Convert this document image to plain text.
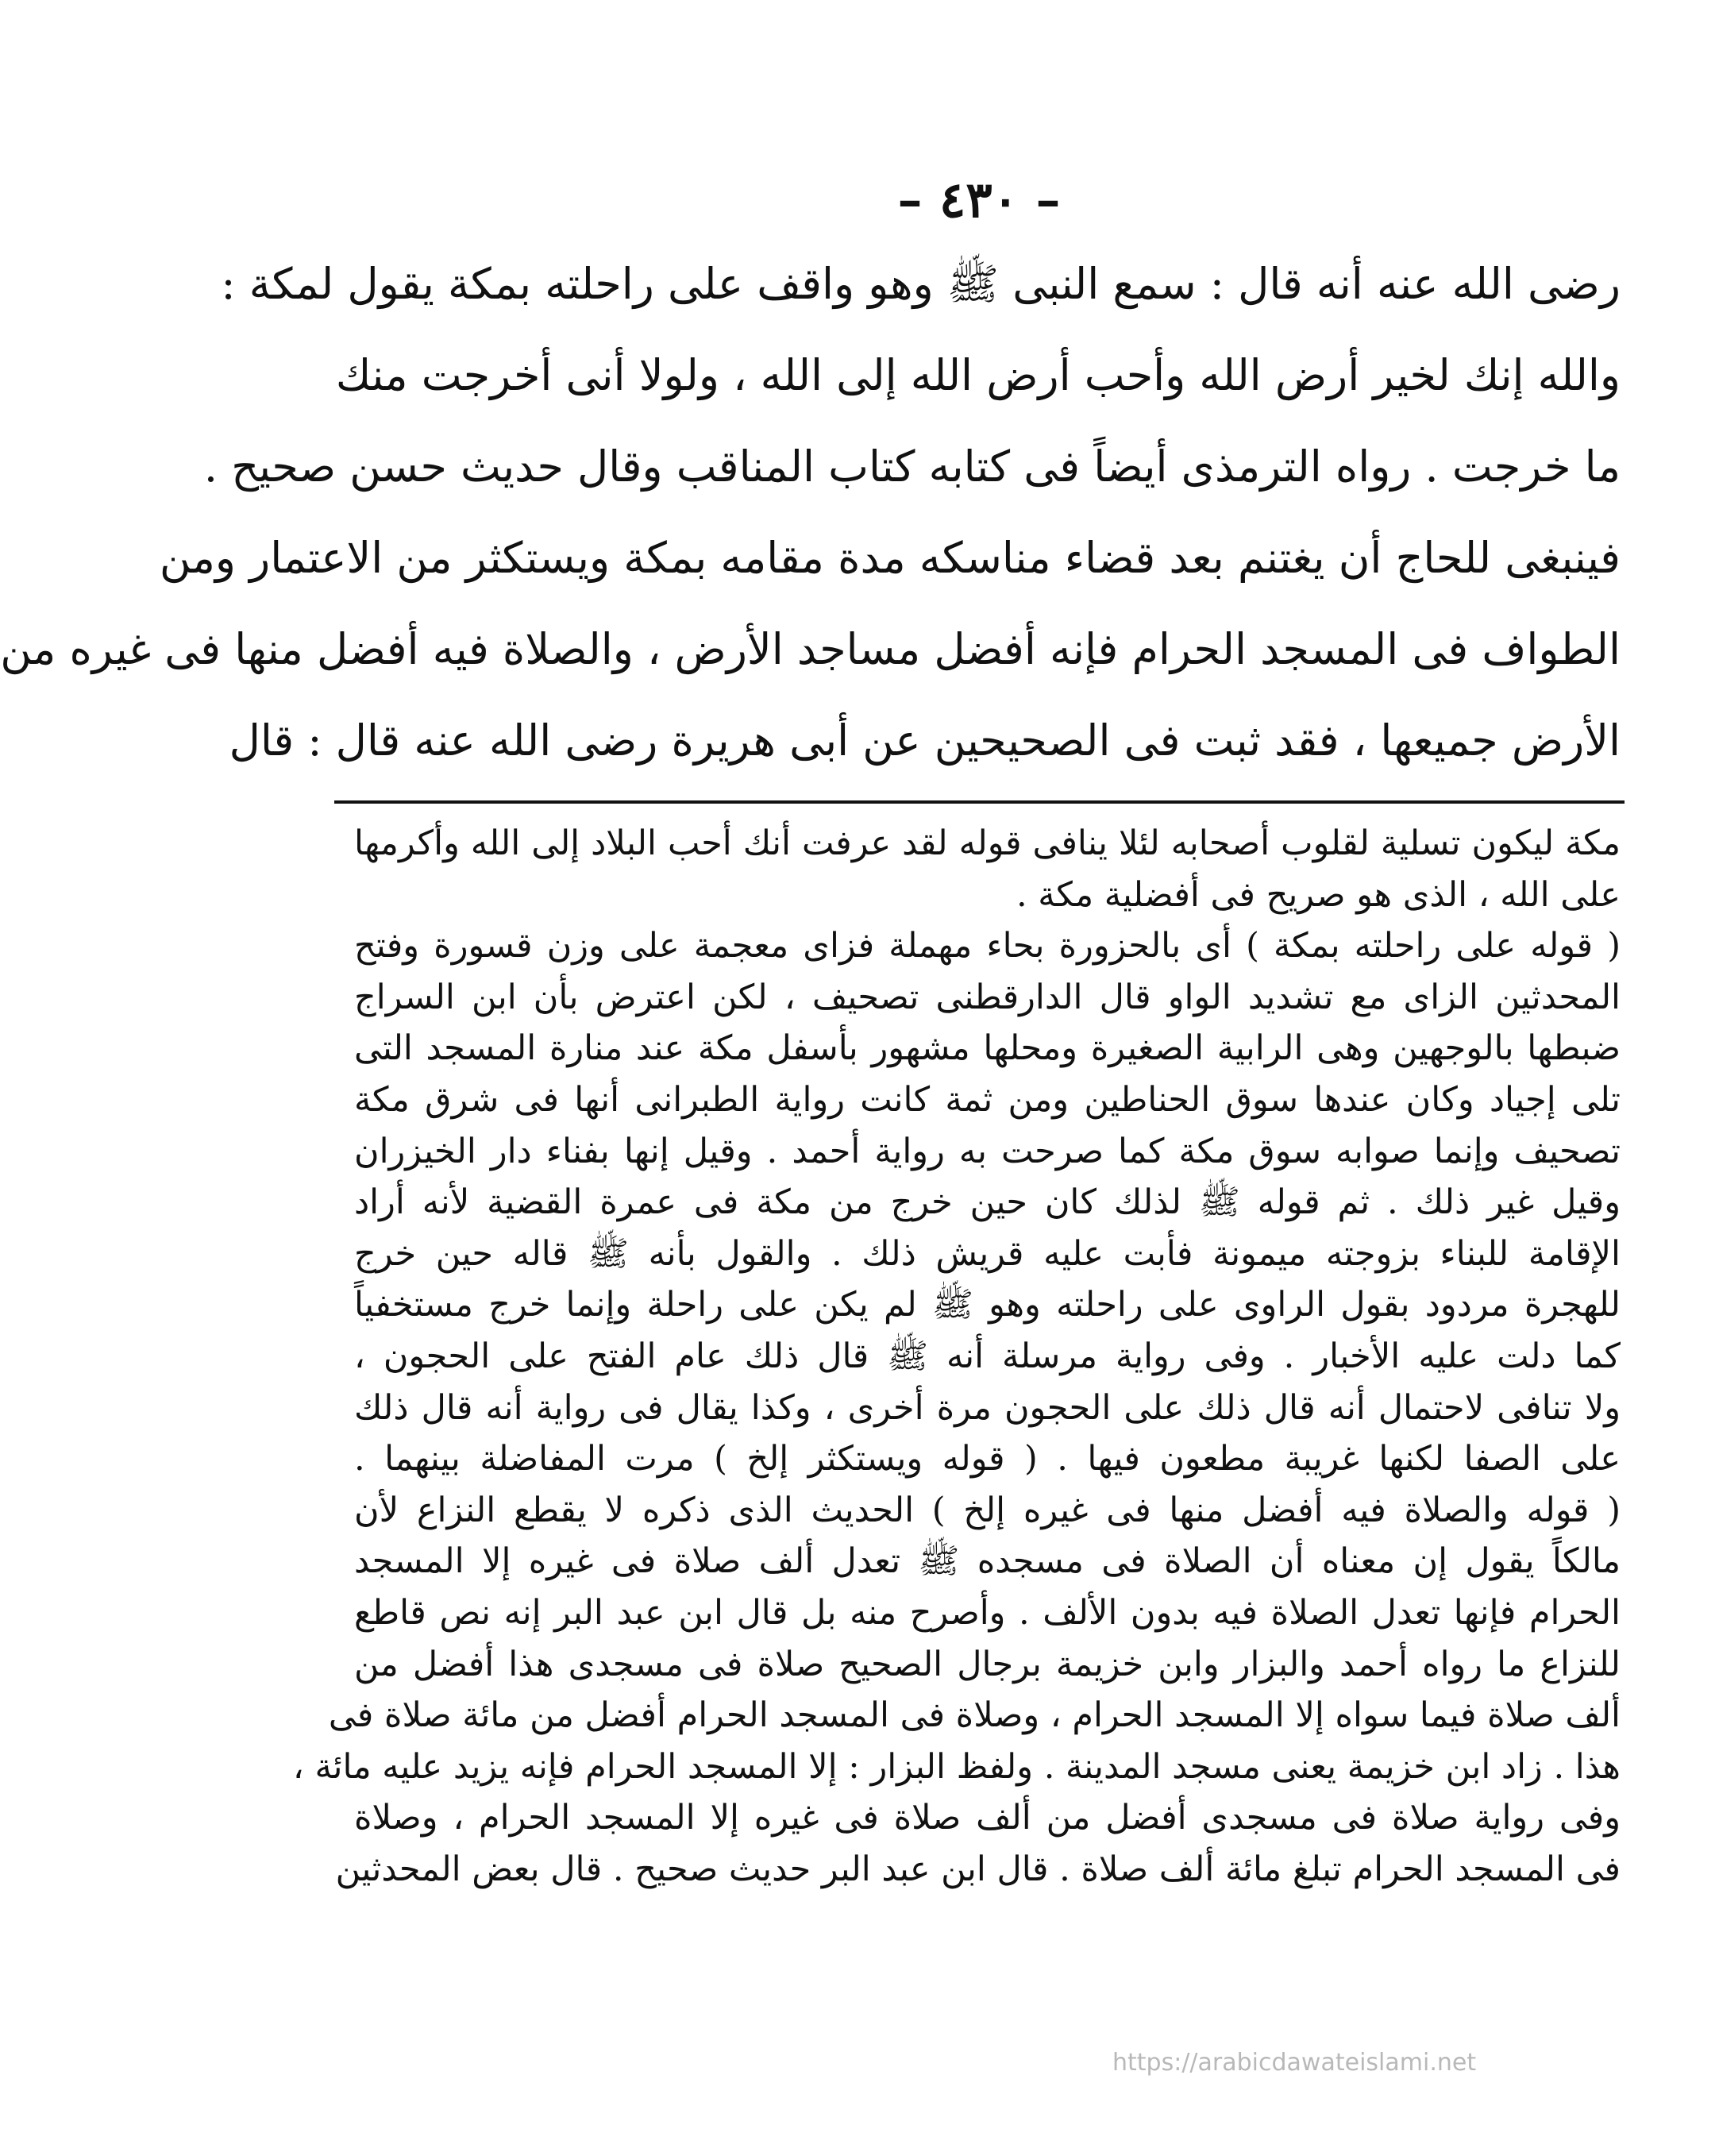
– ٤٣٠ –
رضى الله عنه أنه قال : سمع النبى ﷺ وهو واقف على راحلته بمكة يقول لمكة :
والله إنك لخير أرض الله وأحب أرض الله إلى الله ، ولولا أنى أخرجت منك
ما خرجت . رواه الترمذى أيضاً فى كتابه كتاب المناقب وقال حديث حسن صحيح .
فينبغى للحاج أن يغتنم بعد قضاء مناسكه مدة مقامه بمكة ويستكثر من الاعتمار ومن
الطواف فى المسجد الحرام فإنه أفضل مساجد الأرض ، والصلاة فيه أفضل منها فى غيره من
الأرض جميعها ، فقد ثبت فى الصحيحين عن أبى هريرة رضى الله عنه قال : قال
مكة ليكون تسلية لقلوب أصحابه لئلا ينافى قوله لقد عرفت أنك أحب البلاد إلى الله وأكرمها
على الله ، الذى هو صريح فى أفضلية مكة .
( قوله على راحلته بمكة ) أى بالحزورة بحاء مهملة فزاى معجمة على وزن قسورة وفتح
المحدثين الزاى مع تشديد الواو قال الدارقطنى تصحيف ، لكن اعترض بأن ابن السراج
ضبطها بالوجهين وهى الرابية الصغيرة ومحلها مشهور بأسفل مكة عند منارة المسجد التى
تلى إجياد وكان عندها سوق الحناطين ومن ثمة كانت رواية الطبرانى أنها فى شرق مكة
تصحيف وإنما صوابه سوق مكة كما صرحت به رواية أحمد . وقيل إنها بفناء دار الخيزران
وقيل غير ذلك . ثم قوله ﷺ لذلك كان حين خرج من مكة فى عمرة القضية لأنه أراد
الإقامة للبناء بزوجته ميمونة فأبت عليه قريش ذلك . والقول بأنه ﷺ قاله حين خرج
للهجرة مردود بقول الراوى على راحلته وهو ﷺ لم يكن على راحلة وإنما خرج مستخفياً
كما دلت عليه الأخبار . وفى رواية مرسلة أنه ﷺ قال ذلك عام الفتح على الحجون ،
ولا تنافى لاحتمال أنه قال ذلك على الحجون مرة أخرى ، وكذا يقال فى رواية أنه قال ذلك
على الصفا لكنها غريبة مطعون فيها . ( قوله ويستكثر إلخ ) مرت المفاضلة بينهما .
( قوله والصلاة فيه أفضل منها فى غيره إلخ ) الحديث الذى ذكره لا يقطع النزاع لأن
مالكاً يقول إن معناه أن الصلاة فى مسجده ﷺ تعدل ألف صلاة فى غيره إلا المسجد
الحرام فإنها تعدل الصلاة فيه بدون الألف . وأصرح منه بل قال ابن عبد البر إنه نص قاطع
للنزاع ما رواه أحمد والبزار وابن خزيمة برجال الصحيح صلاة فى مسجدى هذا أفضل من
ألف صلاة فيما سواه إلا المسجد الحرام ، وصلاة فى المسجد الحرام أفضل من مائة صلاة فى
هذا . زاد ابن خزيمة يعنى مسجد المدينة . ولفظ البزار : إلا المسجد الحرام فإنه يزيد عليه مائة ،
وفى رواية صلاة فى مسجدى أفضل من ألف صلاة فى غيره إلا المسجد الحرام ، وصلاة
فى المسجد الحرام تبلغ مائة ألف صلاة . قال ابن عبد البر حديث صحيح . قال بعض المحدثين
https://arabicdawateislami.net
